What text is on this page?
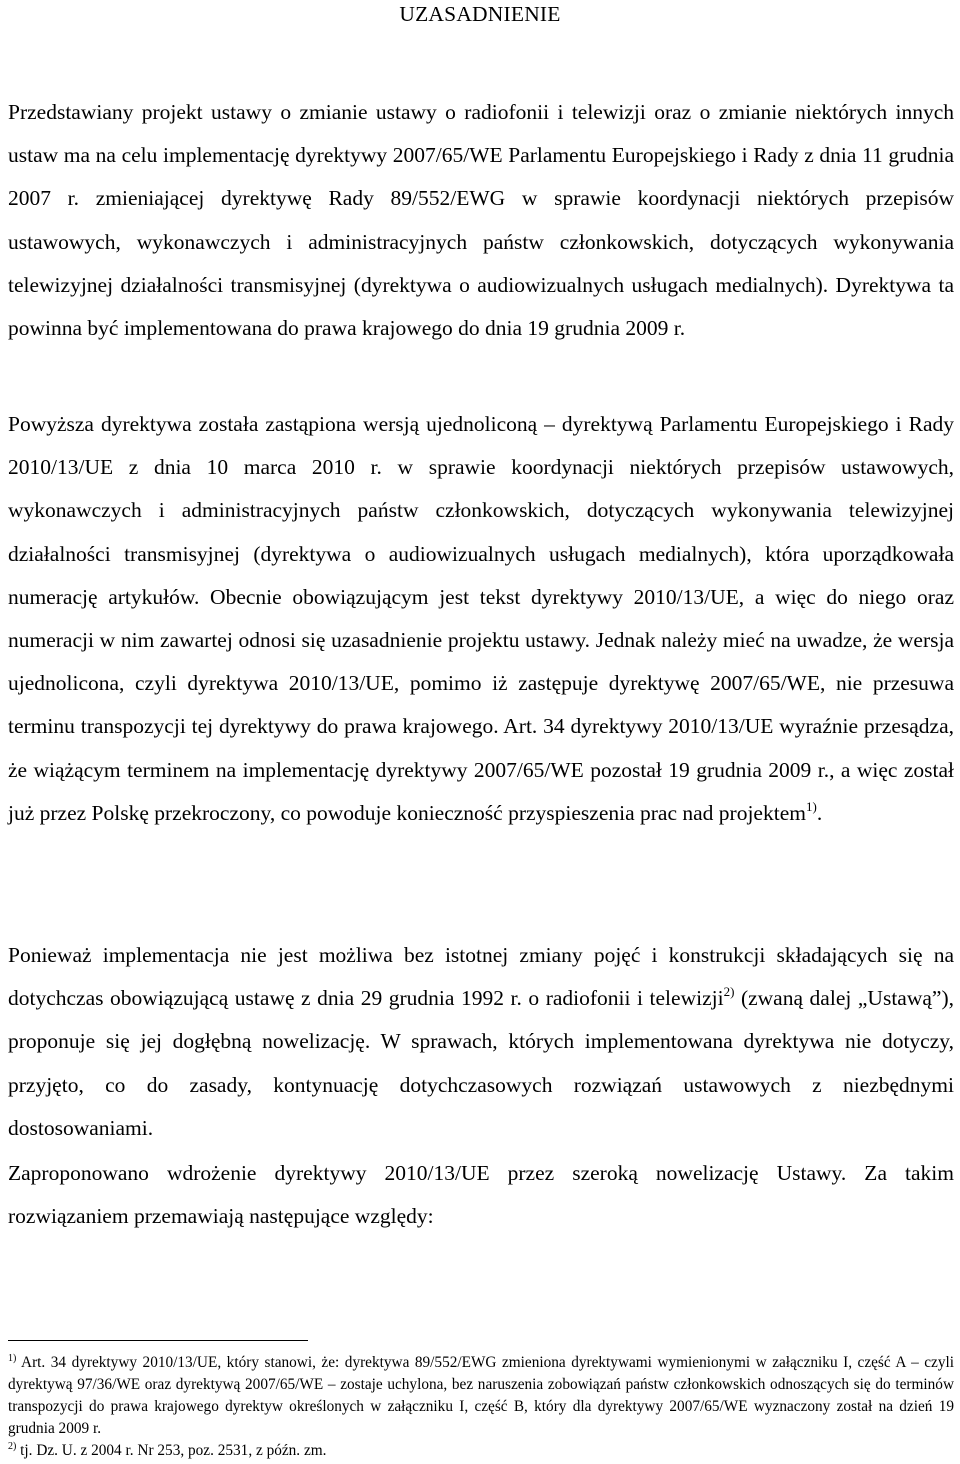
UZASADNIENIE

Przedstawiany projekt ustawy o zmianie ustawy o radiofonii i telewizji oraz o zmianie niektórych innych ustaw ma na celu implementację dyrektywy 2007/65/WE Parlamentu Europejskiego i Rady z dnia 11 grudnia 2007 r. zmieniającej dyrektywę Rady 89/552/EWG w sprawie koordynacji niektórych przepisów ustawowych, wykonawczych i administracyjnych państw członkowskich, dotyczących wykonywania telewizyjnej działalności transmisyjnej (dyrektywa o audiowizualnych usługach medialnych). Dyrektywa ta powinna być implementowana do prawa krajowego do dnia 19 grudnia 2009 r.

Powyższa dyrektywa została zastąpiona wersją ujednoliconą – dyrektywą Parlamentu Europejskiego i Rady 2010/13/UE z dnia 10 marca 2010 r. w sprawie koordynacji niektórych przepisów ustawowych, wykonawczych i administracyjnych państw członkowskich, dotyczących wykonywania telewizyjnej działalności transmisyjnej (dyrektywa o audiowizualnych usługach medialnych), która uporządkowała numerację artykułów. Obecnie obowiązującym jest tekst dyrektywy 2010/13/UE, a więc do niego oraz numeracji w nim zawartej odnosi się uzasadnienie projektu ustawy. Jednak należy mieć na uwadze, że wersja ujednolicona, czyli dyrektywa 2010/13/UE, pomimo iż zastępuje dyrektywę 2007/65/WE, nie przesuwa terminu transpozycji tej dyrektywy do prawa krajowego. Art. 34 dyrektywy 2010/13/UE wyraźnie przesądza, że wiążącym terminem na implementację dyrektywy 2007/65/WE pozostał 19 grudnia 2009 r., a więc został już przez Polskę przekroczony, co powoduje konieczność przyspieszenia prac nad projektem$^{1)}$.

Ponieważ implementacja nie jest możliwa bez istotnej zmiany pojęć i konstrukcji składających się na dotychczas obowiązującą ustawę z dnia 29 grudnia 1992 r. o radiofonii i telewizji$^{2)}$ (zwaną dalej „Ustawą”), proponuje się jej dogłębną nowelizację. W sprawach, których implementowana dyrektywa nie dotyczy, przyjęto, co do zasady, kontynuację dotychczasowych rozwiązań ustawowych z niezbędnymi dostosowaniami.

Zaproponowano wdrożenie dyrektywy 2010/13/UE przez szeroką nowelizację Ustawy. Za takim rozwiązaniem przemawiają następujące względy:

$^{1)}$ Art. 34 dyrektywy 2010/13/UE, który stanowi, że: dyrektywa 89/552/EWG zmieniona dyrektywami wymienionymi w załączniku I, część A – czyli dyrektywą 97/36/WE oraz dyrektywą 2007/65/WE – zostaje uchylona, bez naruszenia zobowiązań państw członkowskich odnoszących się do terminów transpozycji do prawa krajowego dyrektyw określonych w załączniku I, część B, który dla dyrektywy 2007/65/WE wyznaczony został na dzień 19 grudnia 2009 r.

$^{2)}$ tj. Dz. U. z 2004 r. Nr 253, poz. 2531, z późn. zm.
